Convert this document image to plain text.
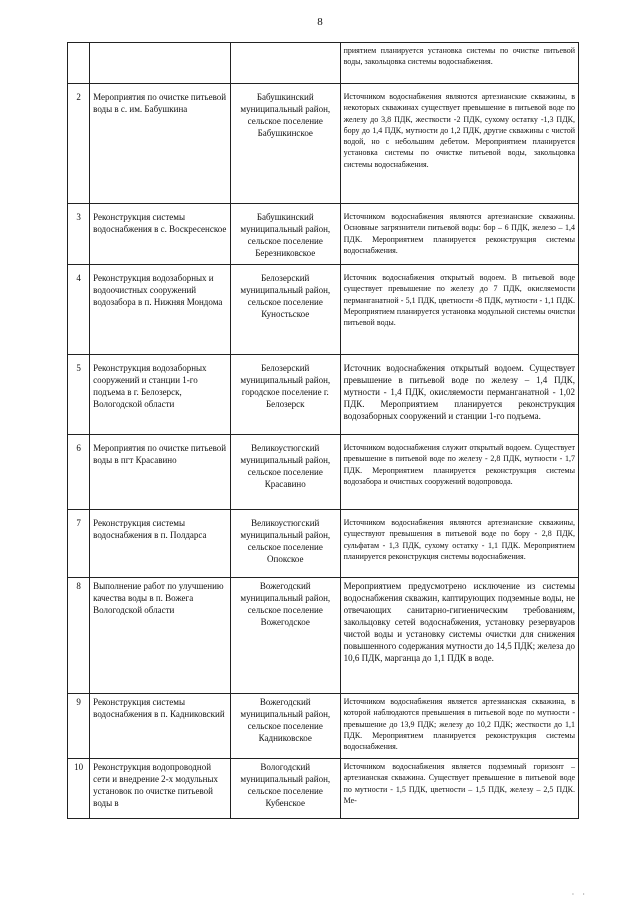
8
			приятием планируется установка системы по очистке питьевой воды, закольцовка системы водоснабжения.
2	Мероприятия по очистке питьевой воды в с. им. Бабушкина	Бабушкинский муниципальный район, сельское поселение Бабушкинское	Источником водоснабжения являются артезианские скважины, в некоторых скважинах существует превышение в питьевой воде по железу до 3,8 ПДК, жесткости -2 ПДК, сухому остатку -1,3 ПДК, бору до 1,4 ПДК, мутности до 1,2 ПДК, другие скважины с чистой водой, но с небольшим дебетом. Мероприятием планируется установка системы по очистке питьевой воды, закольцовка системы водоснабжения.
3	Реконструкция системы водоснабжения в с. Воскресенское	Бабушкинский муниципальный район, сельское поселение Березниковское	Источником водоснабжения являются артезианские скважины. Основные загрязнители питьевой воды: бор – 6 ПДК, железо – 1,4 ПДК. Мероприятием планируется реконструкция системы водоснабжения.
4	Реконструкция водозаборных и водоочистных сооружений водозабора в п. Нижняя Мондома	Белозерский муниципальный район, сельское поселение Куностьское	Источник водоснабжения открытый водоем. В питьевой воде существует превышение по железу до 7 ПДК, окисляемости перманганатной - 5,1 ПДК, цветности -8 ПДК, мутности - 1,1 ПДК. Мероприятием планируется установка модульной системы очистки питьевой воды.
5	Реконструкция водозаборных сооружений и станции 1-го подъема в г. Белозерск, Вологодской области	Белозерский муниципальный район, городское поселение г. Белозерск	Источник водоснабжения открытый водоем. Существует превышение в питьевой воде по железу – 1,4 ПДК, мутности - 1,4 ПДК, окисляемости перманганатной - 1,02 ПДК. Мероприятием планируется реконструкция водозаборных сооружений и станции 1-го подъема.
6	Мероприятия по очистке питьевой воды в пгт Красавино	Великоустюгский муниципальный район, сельское поселение Красавино	Источником водоснабжения служит открытый водоем. Существует превышение в питьевой воде по железу - 2,8 ПДК, мутности - 1,7 ПДК. Мероприятием планируется реконструкция системы водозабора и очистных сооружений водопровода.
7	Реконструкция системы водоснабжения в п. Полдарса	Великоустюгский муниципальный район, сельское поселение Опокское	Источником водоснабжения являются артезианские скважины, существуют превышения в питьевой воде по бору - 2,8 ПДК, сульфатам - 1,3 ПДК, сухому остатку - 1,1 ПДК. Мероприятием планируется реконструкция системы водоснабжения.
8	Выполнение работ по улучшению качества воды в п. Вожега Вологодской области	Вожегодский муниципальный район, сельское поселение Вожегодское	Мероприятием предусмотрено исключение из системы водоснабжения скважин, каптирующих подземные воды, не отвечающих санитарно-гигиеническим требованиям, закольцовку сетей водоснабжения, установку резервуаров чистой воды и установку системы очистки для снижения повышенного содержания мутности до 14,5 ПДК; железа до 10,6 ПДК, марганца до 1,1 ПДК в воде.
9	Реконструкция системы водоснабжения в п. Кадниковский	Вожегодский муниципальный район, сельское поселение Кадниковское	Источником водоснабжения является артезианская скважина, в которой наблюдаются превышения в питьевой воде по мутности - превышение до 13,9 ПДК; железу до 10,2 ПДК; жесткости до 1,1 ПДК. Мероприятием планируется реконструкция системы водоснабжения.
10	Реконструкция водопроводной сети и внедрение 2-х модульных установок по очистке питьевой воды в	Вологодский муниципальный район, сельское поселение Кубенское	Источником водоснабжения является подземный горизонт – артезианская скважина. Существует превышение в питьевой воде по мутности - 1,5 ПДК, цветности – 1,5 ПДК, железу – 2,5 ПДК. Ме-
· ·
